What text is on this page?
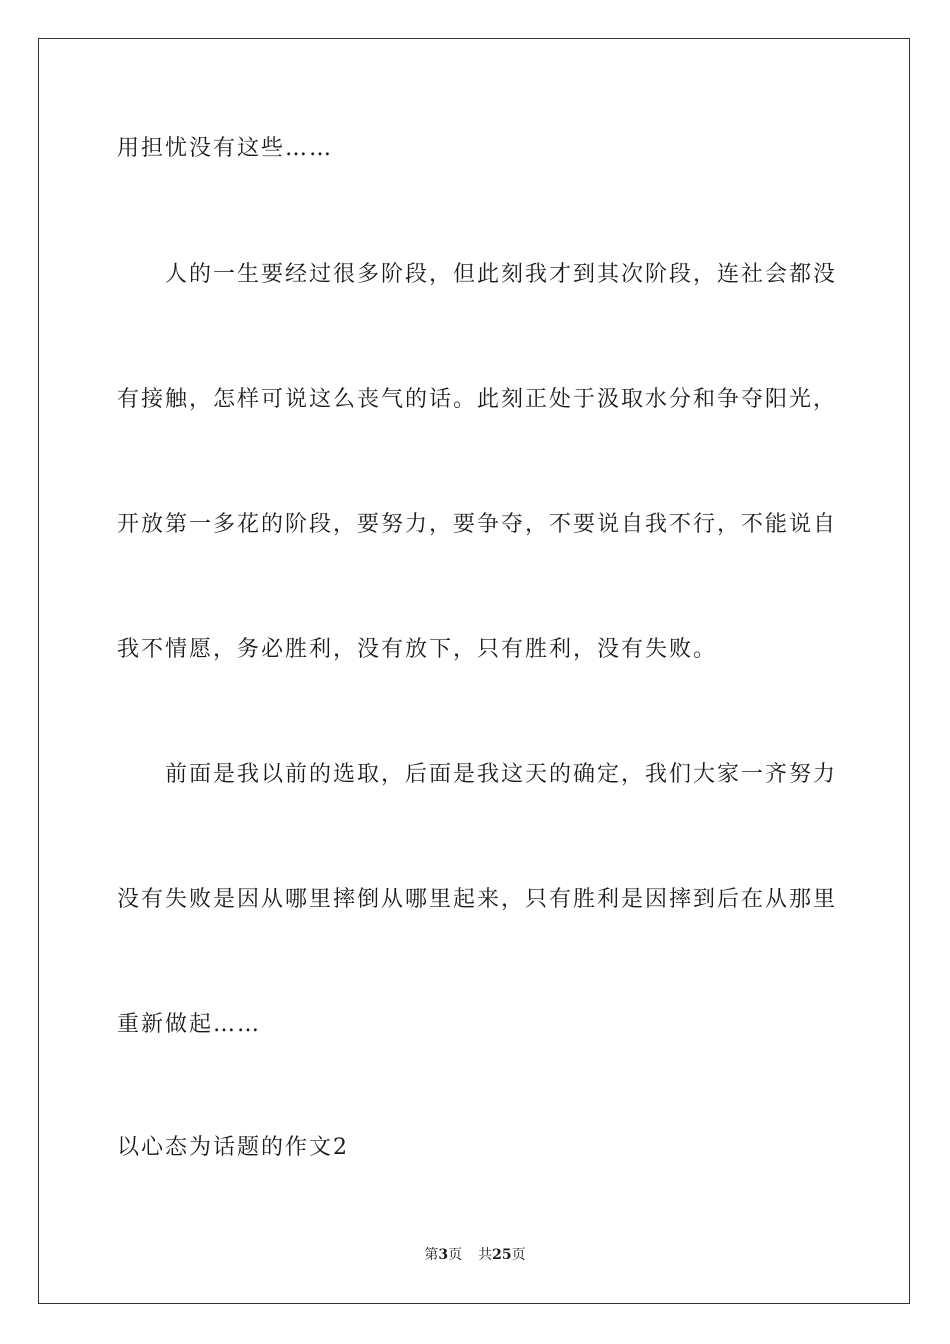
用担忧没有这些……

人的一生要经过很多阶段，但此刻我才到其次阶段，连社会都没

有接触，怎样可说这么丧气的话。此刻正处于汲取水分和争夺阳光，

开放第一多花的阶段，要努力，要争夺，不要说自我不行，不能说自

我不情愿，务必胜利，没有放下，只有胜利，没有失败。

前面是我以前的选取，后面是我这天的确定，我们大家一齐努力

没有失败是因从哪里摔倒从哪里起来，只有胜利是因摔到后在从那里

重新做起……

以心态为话题的作文2

第3页 共25页
